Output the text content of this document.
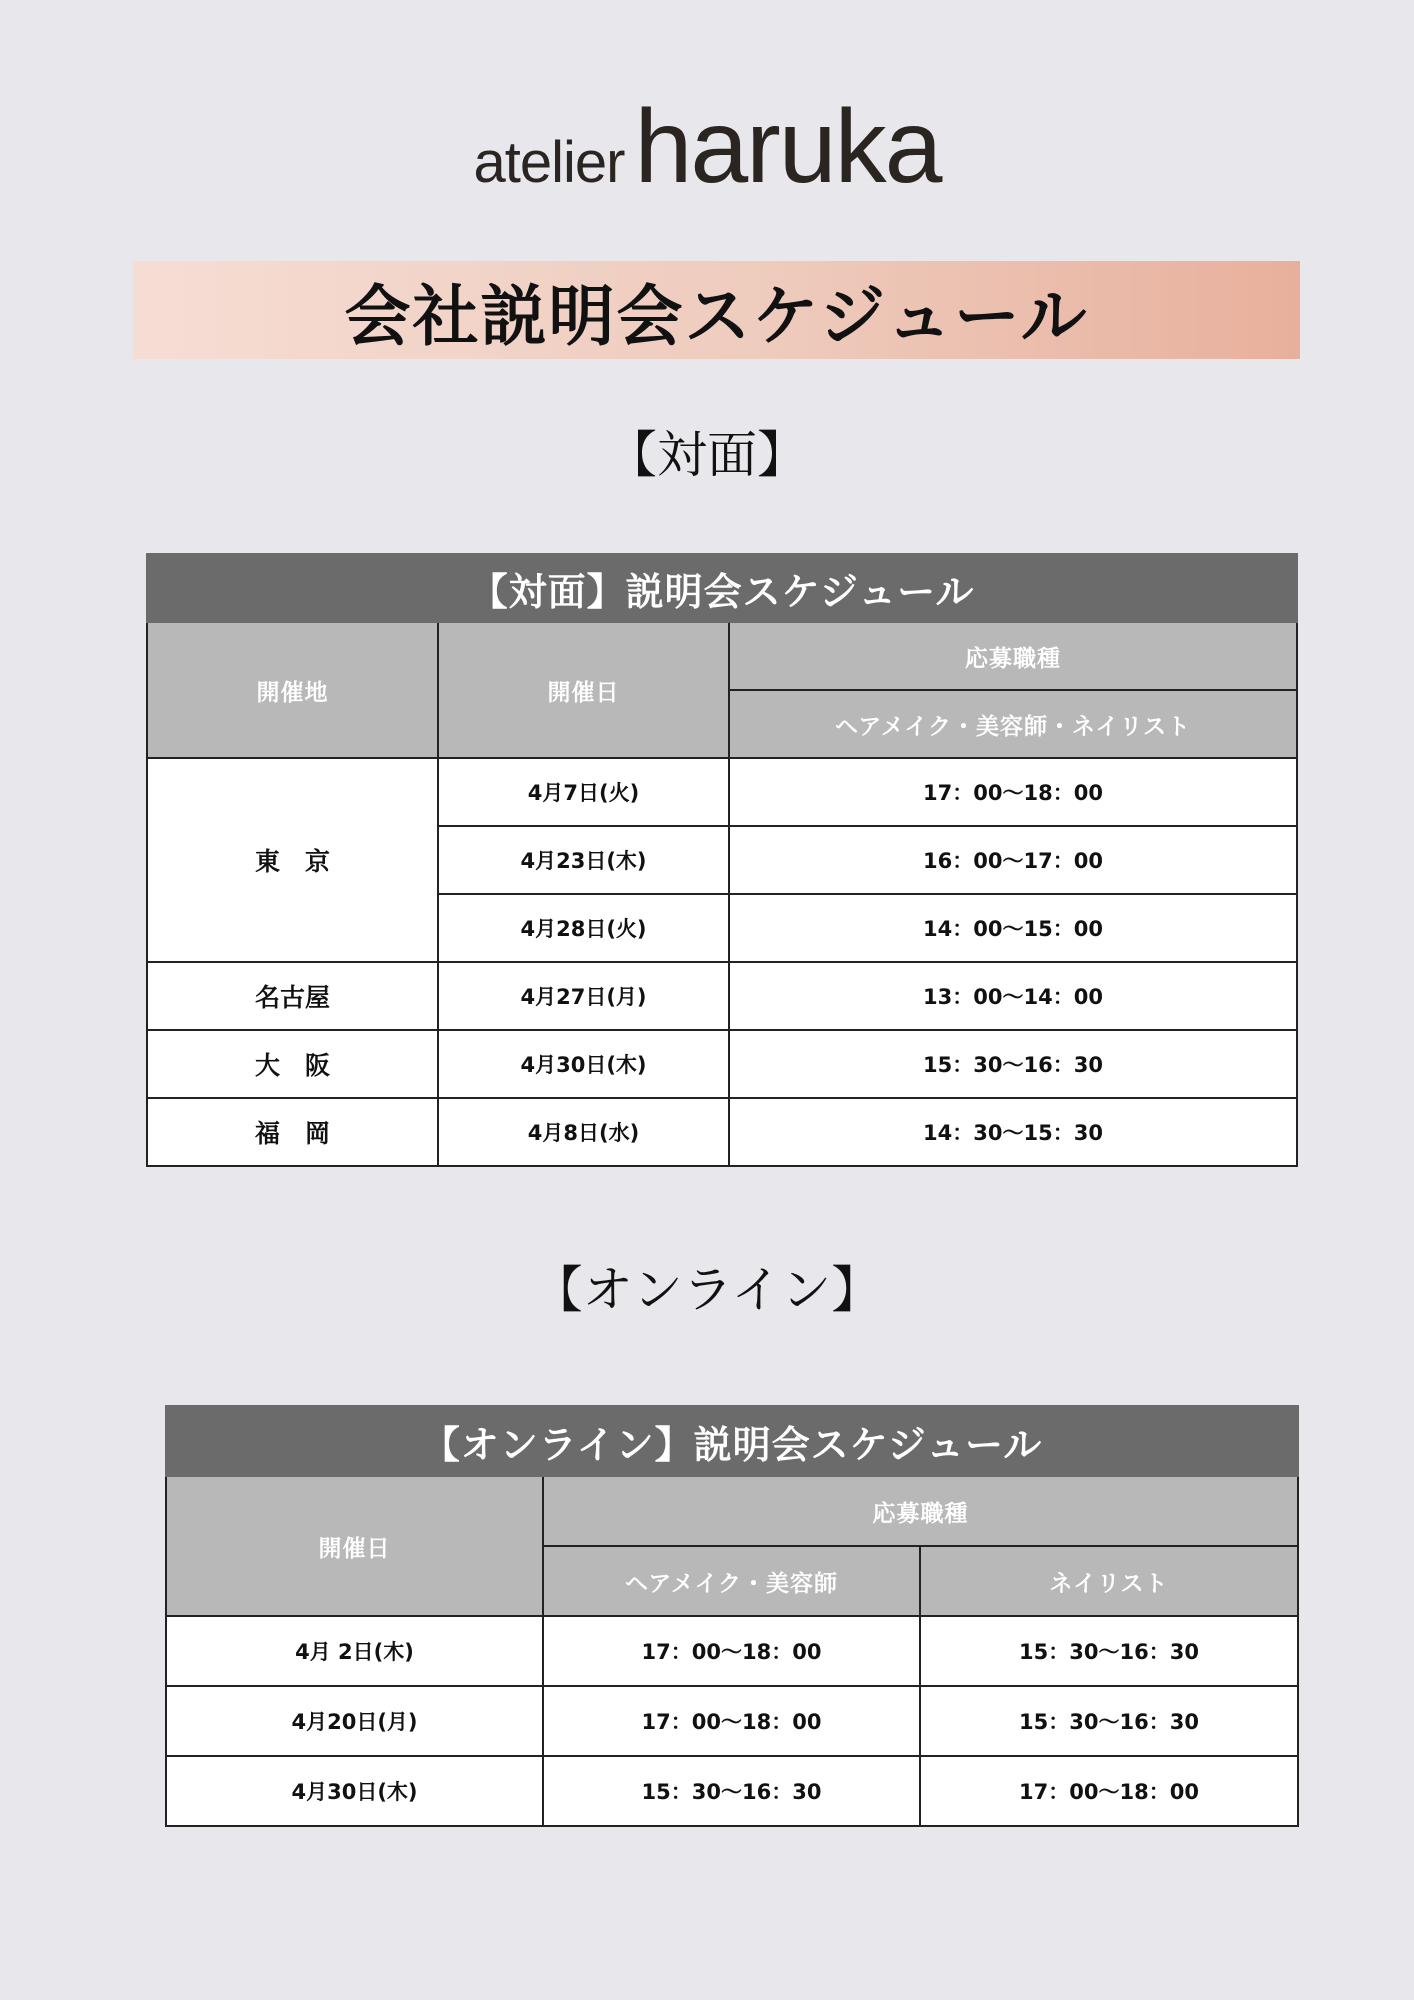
atelierharuka
会社説明会スケジュール
【対面】
【対面】説明会スケジュール		
開催地	開催日	応募職種
		ヘアメイク・美容師・ネイリスト
東　京	4月7日(火)	17：00〜18：00
	4月23日(木)	16：00〜17：00
	4月28日(火)	14：00〜15：00
名古屋	4月27日(月)	13：00〜14：00
大　阪	4月30日(木)	15：30〜16：30
福　岡	4月8日(水)	14：30〜15：30
【オンライン】
【オンライン】説明会スケジュール		
開催日	応募職種	
	ヘアメイク・美容師	ネイリスト
4月 2日(木)	17：00〜18：00	15：30〜16：30
4月20日(月)	17：00〜18：00	15：30〜16：30
4月30日(木)	15：30〜16：30	17：00〜18：00
